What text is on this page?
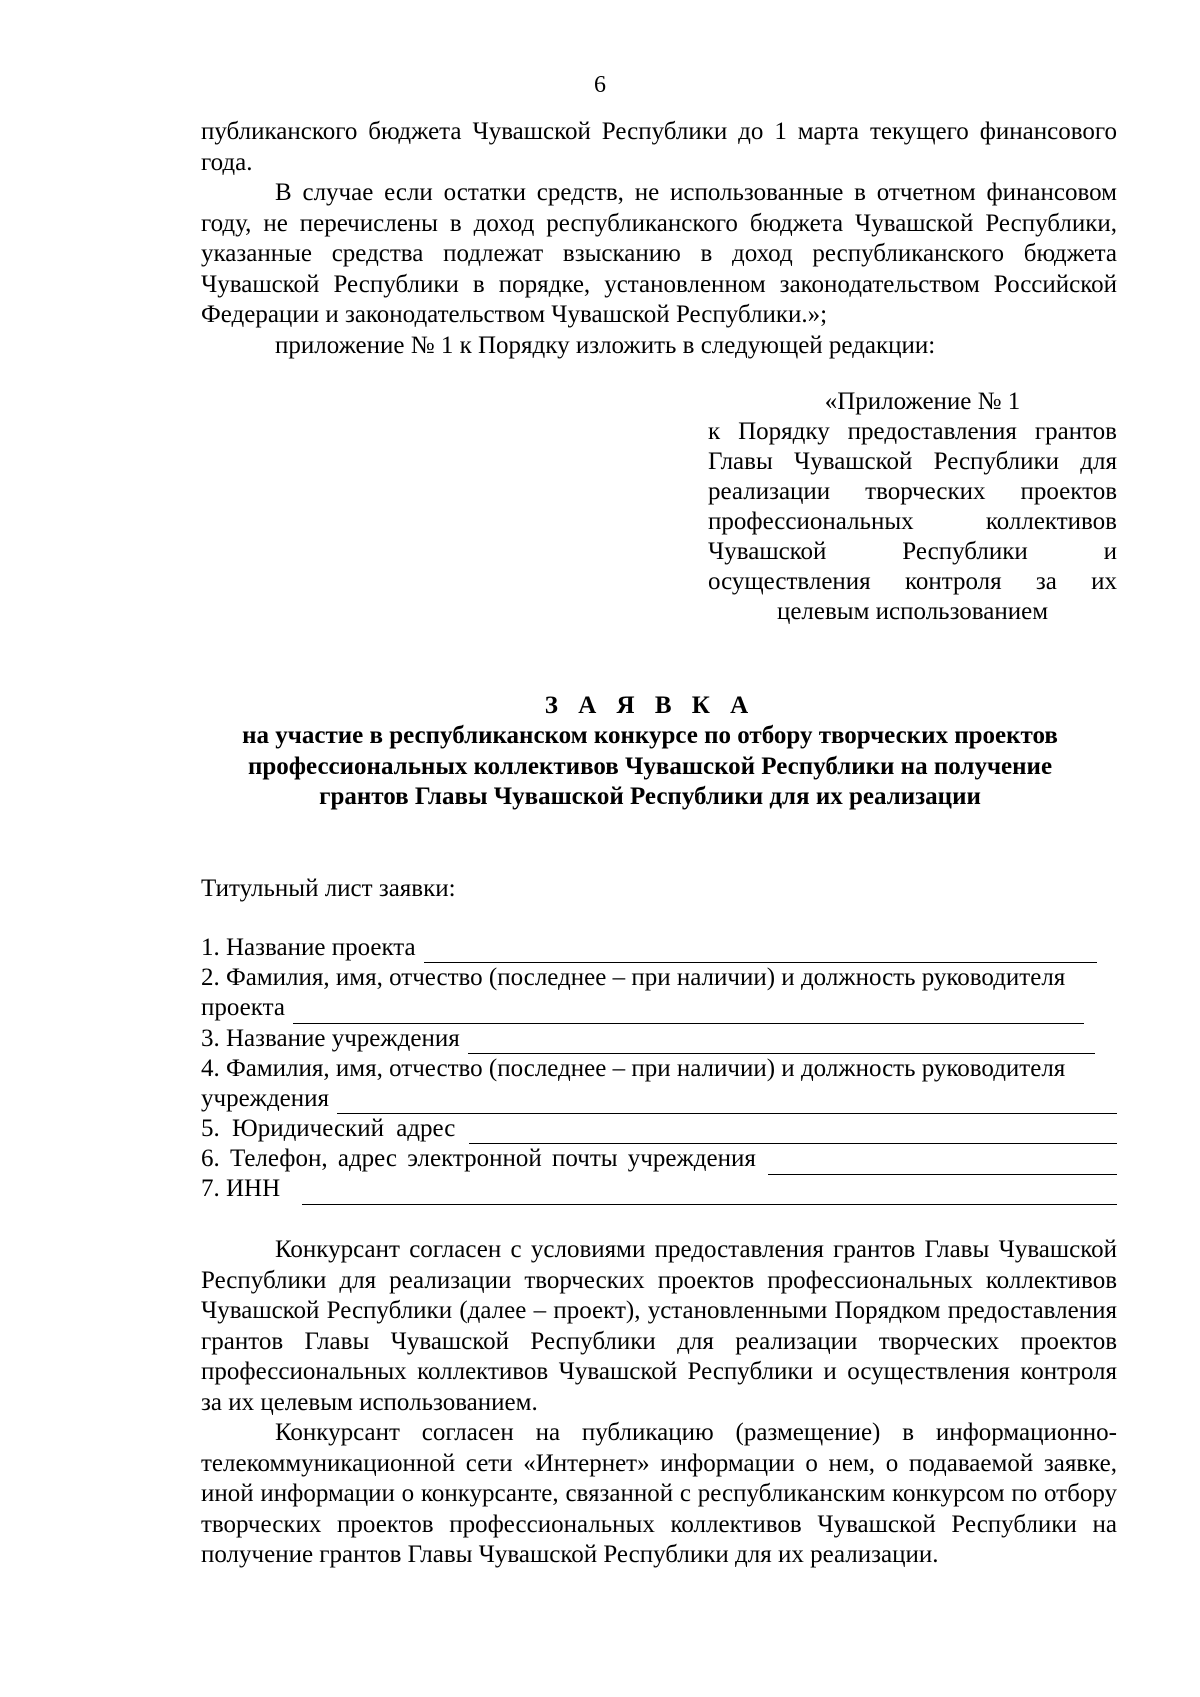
6

публиканского бюджета Чувашской Республики до 1 марта текущего финансового года.

В случае если остатки средств, не использованные в отчетном финансовом году, не перечислены в доход республиканского бюджета Чувашской Республики, указанные средства подлежат взысканию в доход республиканского бюджета Чувашской Республики в порядке, установленном законодательством Российской Федерации и законодательством Чувашской Республики.»;

приложение № 1 к Порядку изложить в следующей редакции:

«Приложение № 1

к Порядку предоставления грантов Главы Чувашской Республики для реализации творческих проектов профессиональных коллективов Чувашской Республики и осуществления контроля за их целевым использованием

З А Я В К А
на участие в республиканском конкурсе по отбору творческих проектов
профессиональных коллективов Чувашской Республики на получение
грантов Главы Чувашской Республики для их реализации
Титульный лист заявки:
1. Название проекта
2. Фамилия, имя, отчество (последнее – при наличии) и должность руководителя
проекта
3. Название учреждения
4. Фамилия, имя, отчество (последнее – при наличии) и должность руководителя
учреждения
5. Юридический адрес
6. Телефон, адрес электронной почты учреждения
7. ИНН

Конкурсант согласен с условиями предоставления грантов Главы Чувашской Республики для реализации творческих проектов профессиональных коллективов Чувашской Республики (далее – проект), установленными Порядком предоставления грантов Главы Чувашской Республики для реализации творческих проектов профессиональных коллективов Чувашской Республики и осуществления контроля за их целевым использованием.

Конкурсант согласен на публикацию (размещение) в информационно-телекоммуникационной сети «Интернет» информации о нем, о подаваемой заявке, иной информации о конкурсанте, связанной с республиканским конкурсом по отбору творческих проектов профессиональных коллективов Чувашской Республики на получение грантов Главы Чувашской Республики для их реализации.
